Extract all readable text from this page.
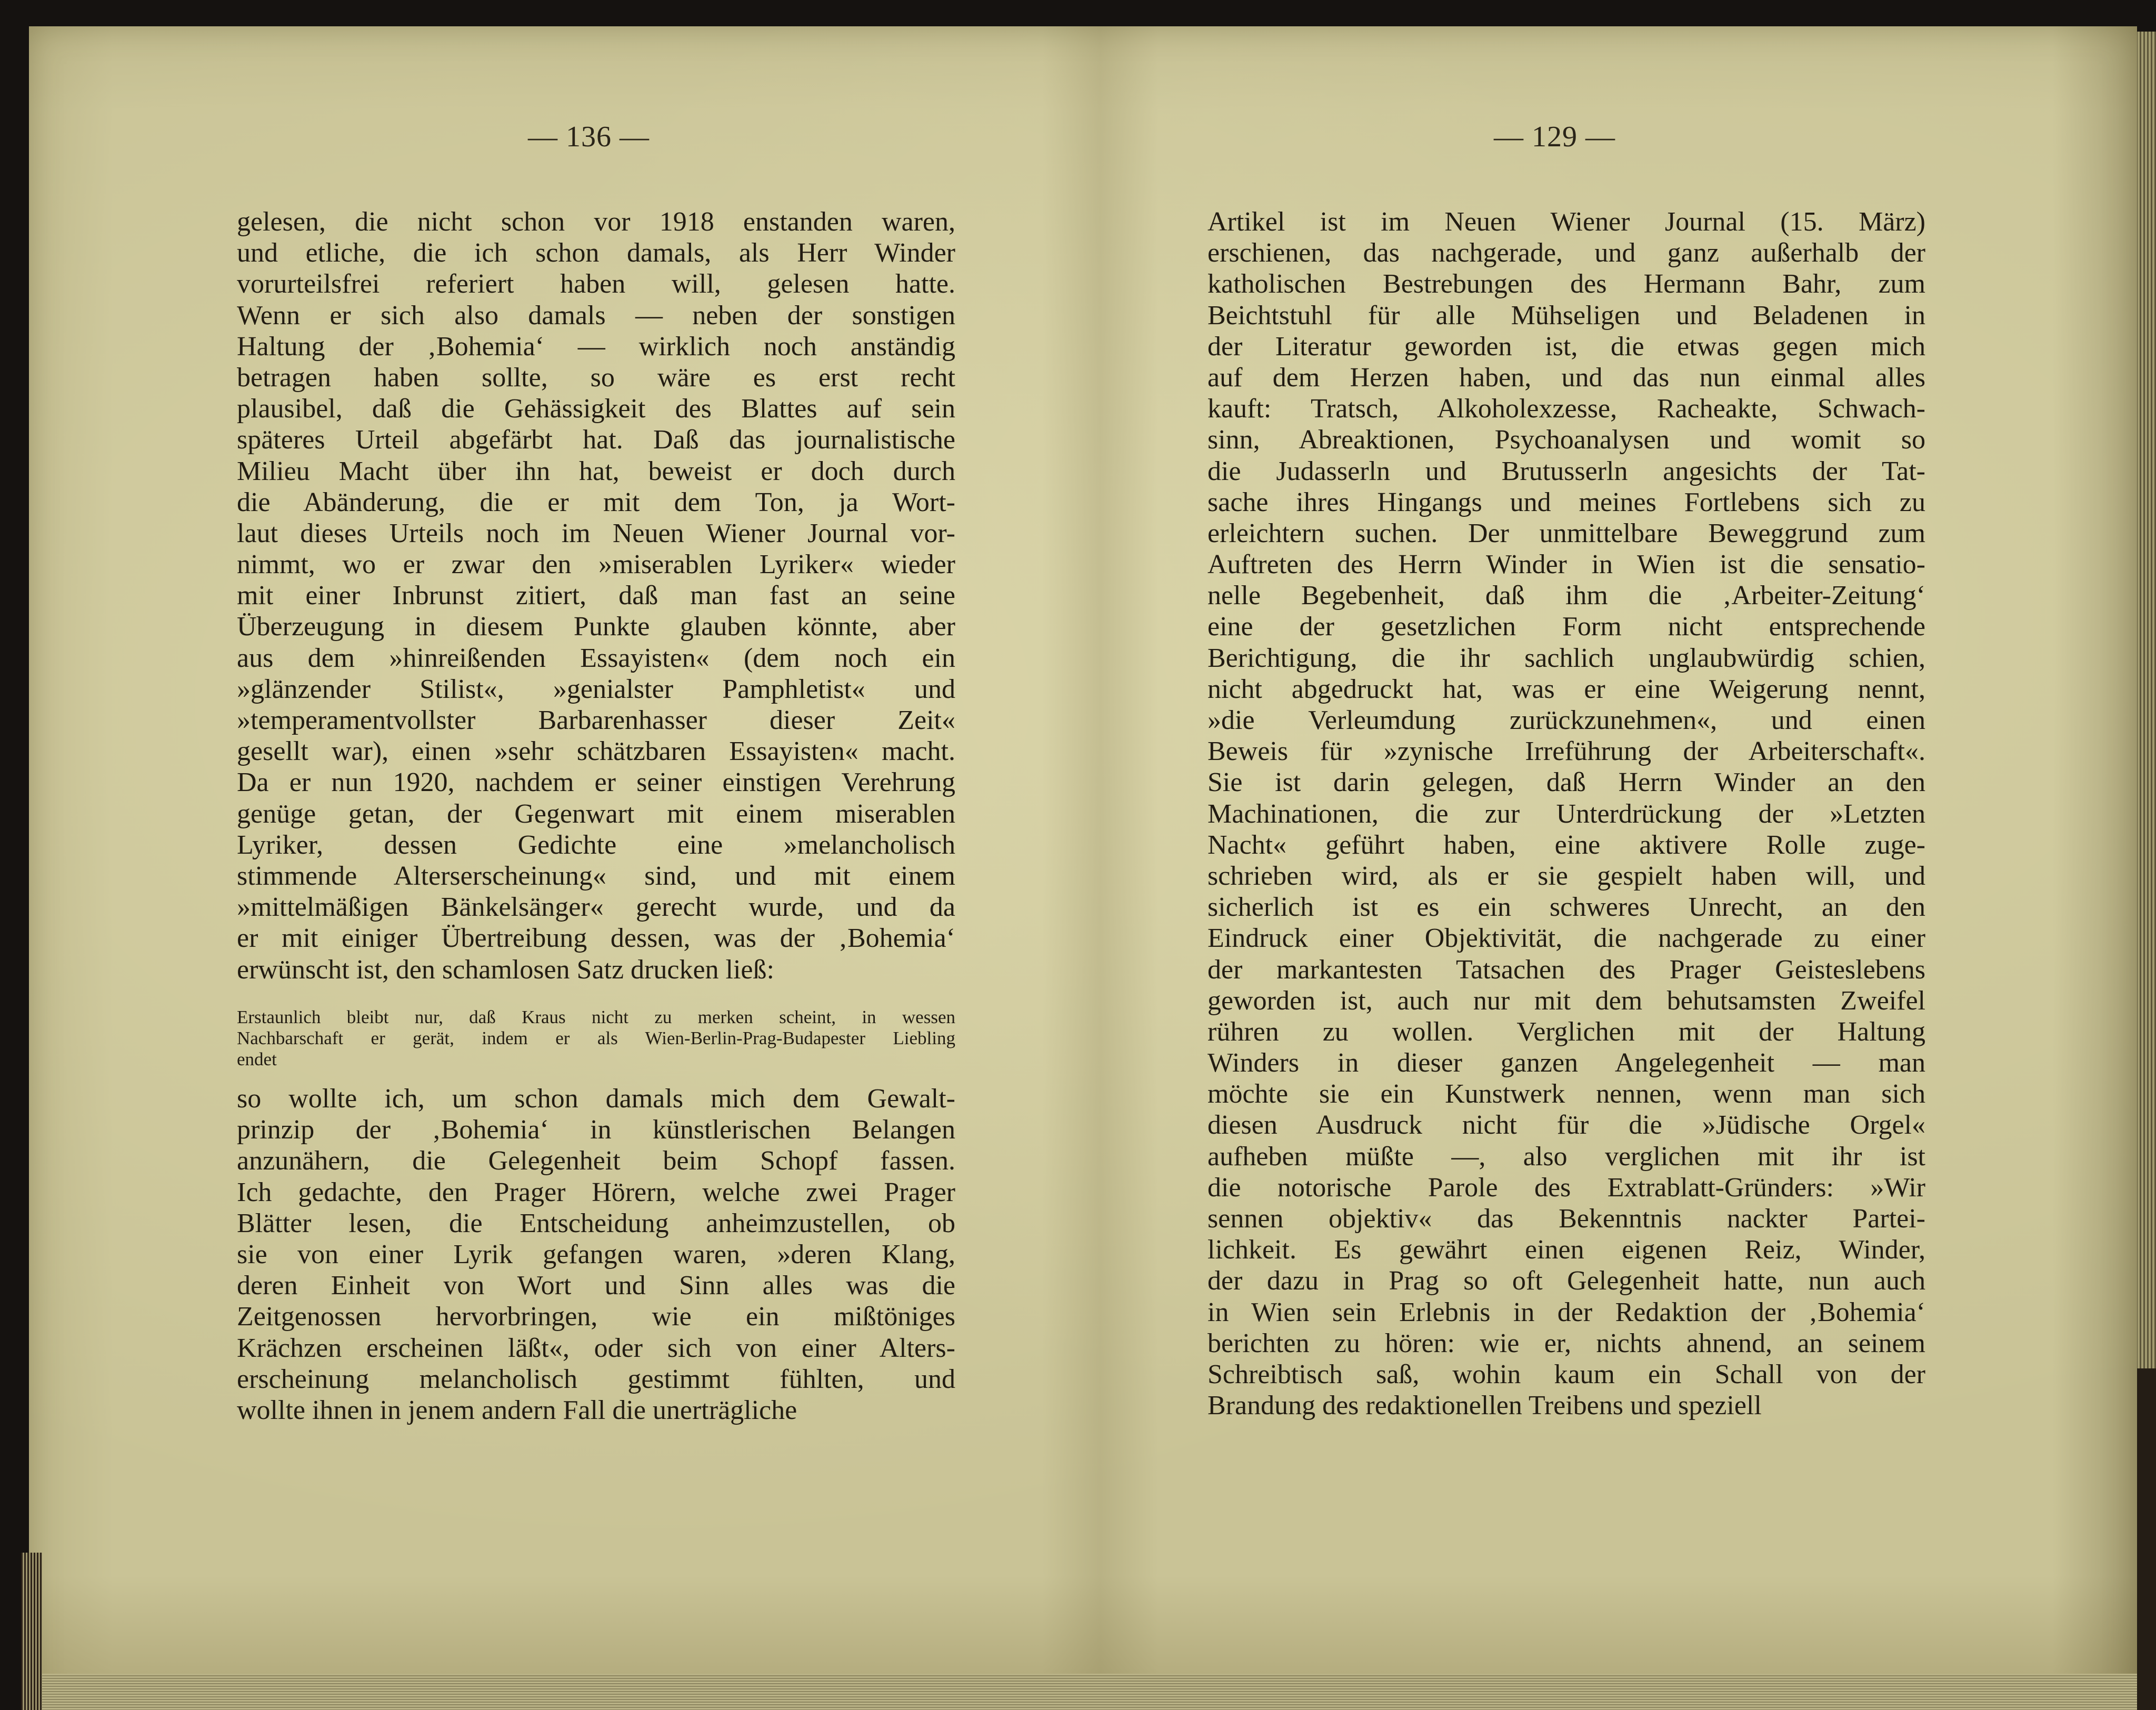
— 136 —	— 129 —
gelesen, die nicht schon vor 1918 enstanden waren,
und etliche, die ich schon damals, als Herr Winder
vorurteilsfrei referiert haben will, gelesen hatte.
Wenn er sich also damals — neben der sonstigen
Haltung der ‚Bohemia‘ — wirklich noch anständig
betragen haben sollte, so wäre es erst recht
plausibel, daß die Gehässigkeit des Blattes auf sein
späteres Urteil abgefärbt hat. Daß das journalistische
Milieu Macht über ihn hat, beweist er doch durch
die Abänderung, die er mit dem Ton, ja Wort-
laut dieses Urteils noch im Neuen Wiener Journal vor-
nimmt, wo er zwar den »miserablen Lyriker« wieder
mit einer Inbrunst zitiert, daß man fast an seine
Überzeugung in diesem Punkte glauben könnte, aber
aus dem »hinreißenden Essayisten« (dem noch ein
»glänzender Stilist«, »genialster Pamphletist« und
»temperamentvollster Barbarenhasser dieser Zeit«
gesellt war), einen »sehr schätzbaren Essayisten« macht.
Da er nun 1920, nachdem er seiner einstigen Verehrung
genüge getan, der Gegenwart mit einem miserablen
Lyriker, dessen Gedichte eine »melancholisch
stimmende Alterserscheinung« sind, und mit einem
»mittelmäßigen Bänkelsänger« gerecht wurde, und da
er mit einiger Übertreibung dessen, was der ‚Bohemia‘
erwünscht ist, den schamlosen Satz drucken ließ:
Erstaunlich bleibt nur, daß Kraus nicht zu merken scheint, in wessen
Nachbarschaft er gerät, indem er als Wien-Berlin-Prag-Budapester Liebling
endet
so wollte ich, um schon damals mich dem Gewalt-
prinzip der ‚Bohemia‘ in künstlerischen Belangen
anzunähern, die Gelegenheit beim Schopf fassen.
Ich gedachte, den Prager Hörern, welche zwei Prager
Blätter lesen, die Entscheidung anheimzustellen, ob
sie von einer Lyrik gefangen waren, »deren Klang,
deren Einheit von Wort und Sinn alles was die
Zeitgenossen hervorbringen, wie ein mißtöniges
Krächzen erscheinen läßt«, oder sich von einer Alters-
erscheinung melancholisch gestimmt fühlten, und
wollte ihnen in jenem andern Fall die unerträgliche
Artikel ist im Neuen Wiener Journal (15. März)
erschienen, das nachgerade, und ganz außerhalb der
katholischen Bestrebungen des Hermann Bahr, zum
Beichtstuhl für alle Mühseligen und Beladenen in
der Literatur geworden ist, die etwas gegen mich
auf dem Herzen haben, und das nun einmal alles
kauft: Tratsch, Alkoholexzesse, Racheakte, Schwach-
sinn, Abreaktionen, Psychoanalysen und womit so
die Judasserln und Brutusserln angesichts der Tat-
sache ihres Hingangs und meines Fortlebens sich zu
erleichtern suchen. Der unmittelbare Beweggrund zum
Auftreten des Herrn Winder in Wien ist die sensatio-
nelle Begebenheit, daß ihm die ‚Arbeiter-Zeitung‘
eine der gesetzlichen Form nicht entsprechende
Berichtigung, die ihr sachlich unglaubwürdig schien,
nicht abgedruckt hat, was er eine Weigerung nennt,
»die Verleumdung zurückzunehmen«, und einen
Beweis für »zynische Irreführung der Arbeiterschaft«.
Sie ist darin gelegen, daß Herrn Winder an den
Machinationen, die zur Unterdrückung der »Letzten
Nacht« geführt haben, eine aktivere Rolle zuge-
schrieben wird, als er sie gespielt haben will, und
sicherlich ist es ein schweres Unrecht, an den
Eindruck einer Objektivität, die nachgerade zu einer
der markantesten Tatsachen des Prager Geisteslebens
geworden ist, auch nur mit dem behutsamsten Zweifel
rühren zu wollen. Verglichen mit der Haltung
Winders in dieser ganzen Angelegenheit — man
möchte sie ein Kunstwerk nennen, wenn man sich
diesen Ausdruck nicht für die »Jüdische Orgel«
aufheben müßte —, also verglichen mit ihr ist
die notorische Parole des Extrablatt-Gründers: »Wir
sennen objektiv« das Bekenntnis nackter Partei-
lichkeit. Es gewährt einen eigenen Reiz, Winder,
der dazu in Prag so oft Gelegenheit hatte, nun auch
in Wien sein Erlebnis in der Redaktion der ‚Bohemia‘
berichten zu hören: wie er, nichts ahnend, an seinem
Schreibtisch saß, wohin kaum ein Schall von der
Brandung des redaktionellen Treibens und speziell
